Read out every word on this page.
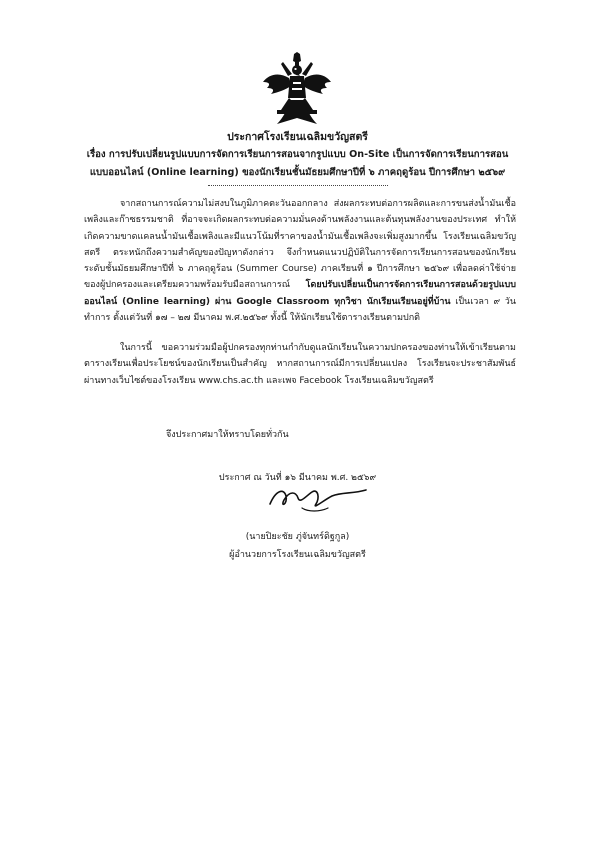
ประกาศโรงเรียนเฉลิมขวัญสตรี
เรื่อง การปรับเปลี่ยนรูปแบบการจัดการเรียนการสอนจากรูปแบบ On-Site เป็นการจัดการเรียนการสอน
แบบออนไลน์ (Online learning) ของนักเรียนชั้นมัธยมศึกษาปีที่ ๖ ภาคฤดูร้อน ปีการศึกษา ๒๕๖๙
จากสถานการณ์ความไม่สงบในภูมิภาคตะวันออกกลาง ส่งผลกระทบต่อการผลิตและการขนส่งน้ำมันเชื้อเพลิงและก๊าซธรรมชาติ ที่อาจจะเกิดผลกระทบต่อความมั่นคงด้านพลังงานและต้นทุนพลังงานของประเทศ ทำให้เกิดความขาดแคลนน้ำมันเชื้อเพลิงและมีแนวโน้มที่ราคาของน้ำมันเชื้อเพลิงจะเพิ่มสูงมากขึ้น โรงเรียนเฉลิมขวัญสตรี ตระหนักถึงความสำคัญของปัญหาดังกล่าว จึงกำหนดแนวปฏิบัติในการจัดการเรียนการสอนของนักเรียนระดับชั้นมัธยมศึกษาปีที่ ๖ ภาคฤดูร้อน (Summer Course) ภาคเรียนที่ ๑ ปีการศึกษา ๒๕๖๙ เพื่อลดค่าใช้จ่ายของผู้ปกครองและเตรียมความพร้อมรับมือสถานการณ์ โดยปรับเปลี่ยนเป็นการจัดการเรียนการสอนด้วยรูปแบบออนไลน์ (Online learning) ผ่าน Google Classroom ทุกวิชา นักเรียนเรียนอยู่ที่บ้าน เป็นเวลา ๙ วันทำการ ตั้งแต่วันที่ ๑๗ – ๒๗ มีนาคม พ.ศ.๒๕๖๙ ทั้งนี้ ให้นักเรียนใช้ตารางเรียนตามปกติ
ในการนี้ ขอความร่วมมือผู้ปกครองทุกท่านกำกับดูแลนักเรียนในความปกครองของท่านให้เข้าเรียนตามตารางเรียนเพื่อประโยชน์ของนักเรียนเป็นสำคัญ หากสถานการณ์มีการเปลี่ยนแปลง โรงเรียนจะประชาสัมพันธ์ผ่านทางเว็บไซต์ของโรงเรียน www.chs.ac.th และเพจ Facebook โรงเรียนเฉลิมขวัญสตรี
จึงประกาศมาให้ทราบโดยทั่วกัน
ประกาศ ณ วันที่ ๑๖ มีนาคม พ.ศ. ๒๕๖๙
(นายปิยะชัย ภู่จันทร์ดิฐกูล)
ผู้อำนวยการโรงเรียนเฉลิมขวัญสตรี
